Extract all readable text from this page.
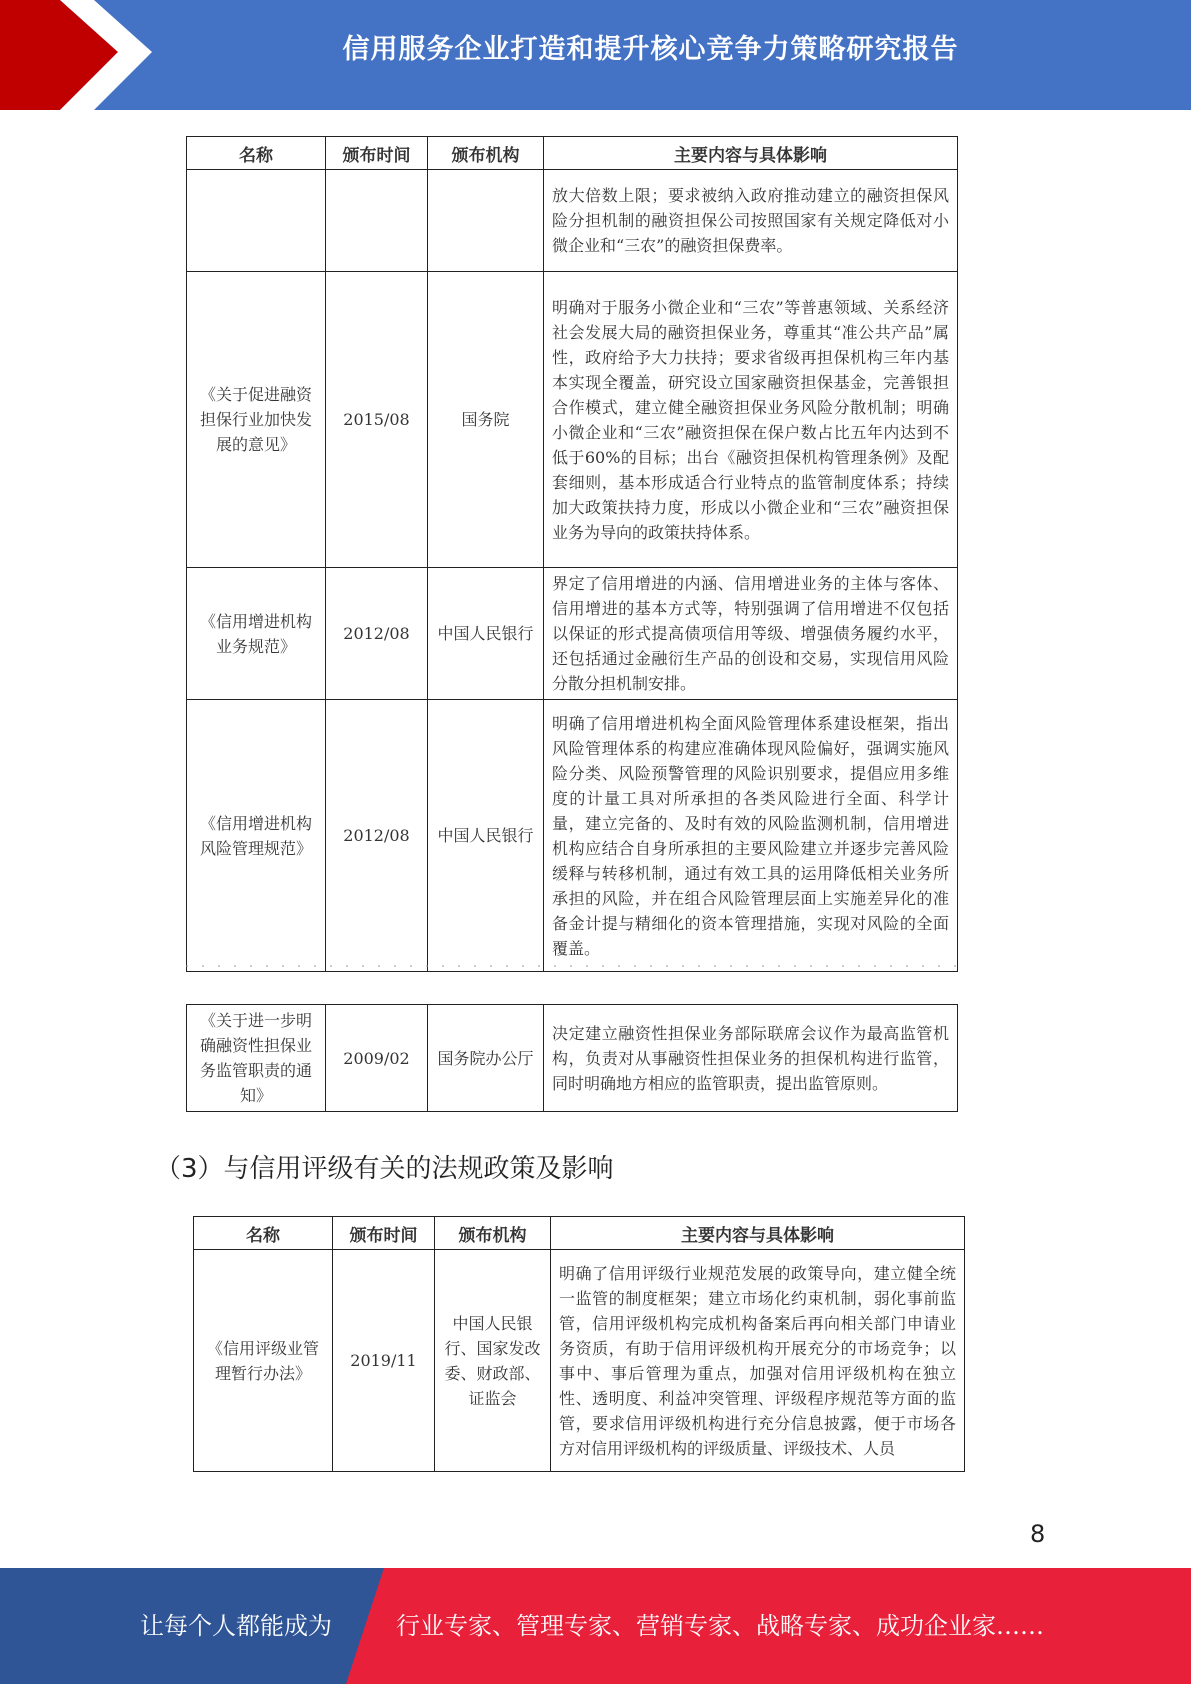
信用服务企业打造和提升核心竞争力策略研究报告
名称	颁布时间	颁布机构	主要内容与具体影响
			放大倍数上限；要求被纳入政府推动建立的融资担保风险分担机制的融资担保公司按照国家有关规定降低对小微企业和“三农”的融资担保费率。
《关于促进融资担保行业加快发展的意见》	2015/08	国务院	明确对于服务小微企业和“三农”等普惠领域、关系经济社会发展大局的融资担保业务，尊重其“准公共产品”属性，政府给予大力扶持；要求省级再担保机构三年内基本实现全覆盖，研究设立国家融资担保基金，完善银担合作模式，建立健全融资担保业务风险分散机制；明确小微企业和“三农”融资担保在保户数占比五年内达到不低于60%的目标；出台《融资担保机构管理条例》及配套细则，基本形成适合行业特点的监管制度体系；持续加大政策扶持力度，形成以小微企业和“三农”融资担保业务为导向的政策扶持体系。
《信用增进机构业务规范》	2012/08	中国人民银行	界定了信用增进的内涵、信用增进业务的主体与客体、信用增进的基本方式等，特别强调了信用增进不仅包括以保证的形式提高债项信用等级、增强债务履约水平，还包括通过金融衍生产品的创设和交易，实现信用风险分散分担机制安排。
《信用增进机构风险管理规范》	2012/08	中国人民银行	明确了信用增进机构全面风险管理体系建设框架，指出风险管理体系的构建应准确体现风险偏好，强调实施风险分类、风险预警管理的风险识别要求，提倡应用多维度的计量工具对所承担的各类风险进行全面、科学计量，建立完备的、及时有效的风险监测机制，信用增进机构应结合自身所承担的主要风险建立并逐步完善风险缓释与转移机制，通过有效工具的运用降低相关业务所承担的风险，并在组合风险管理层面上实施差异化的准备金计提与精细化的资本管理措施，实现对风险的全面覆盖。
《关于进一步明确融资性担保业务监管职责的通知》	2009/02	国务院办公厅	决定建立融资性担保业务部际联席会议作为最高监管机构，负责对从事融资性担保业务的担保机构进行监管，同时明确地方相应的监管职责，提出监管原则。
（3）与信用评级有关的法规政策及影响
名称	颁布时间	颁布机构	主要内容与具体影响
《信用评级业管理暂行办法》	2019/11	中国人民银行、国家发改委、财政部、证监会	明确了信用评级行业规范发展的政策导向，建立健全统一监管的制度框架；建立市场化约束机制，弱化事前监管，信用评级机构完成机构备案后再向相关部门申请业务资质，有助于信用评级机构开展充分的市场竞争；以事中、事后管理为重点，加强对信用评级机构在独立性、透明度、利益冲突管理、评级程序规范等方面的监管，要求信用评级机构进行充分信息披露，便于市场各方对信用评级机构的评级质量、评级技术、人员
8
让每个人都能成为	行业专家、管理专家、营销专家、战略专家、成功企业家……
